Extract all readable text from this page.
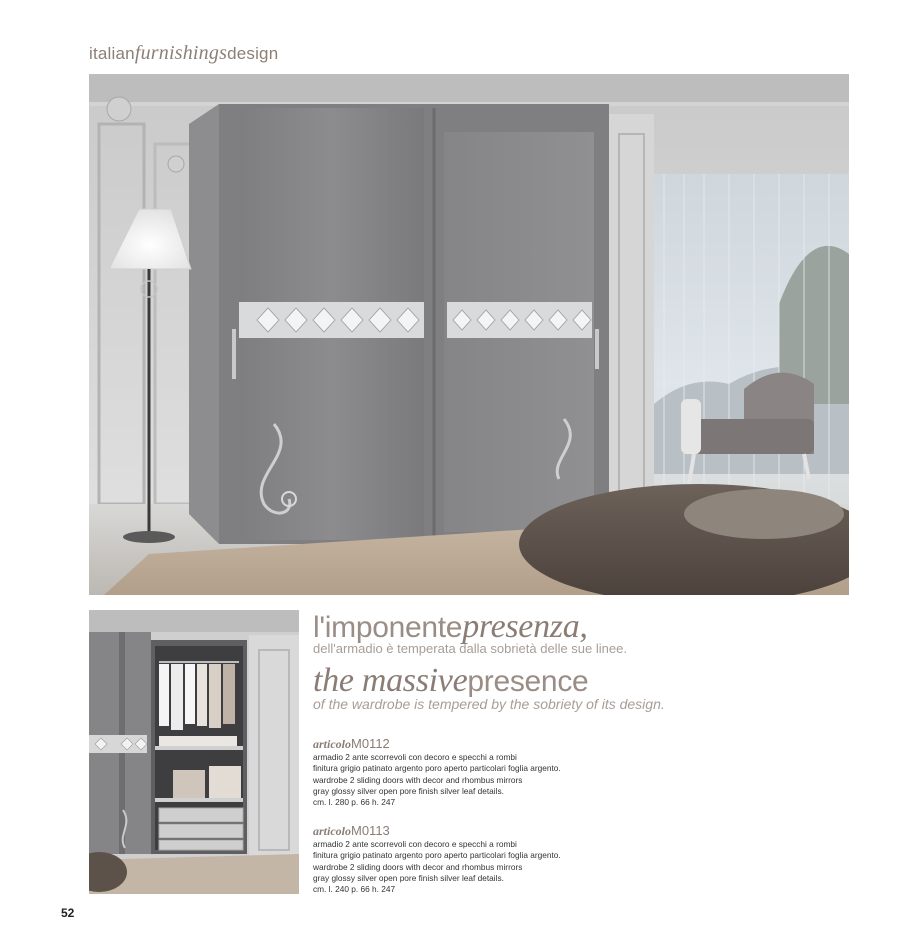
italianfurnishingsdesign
l'imponentepresenza,
dell'armadio è temperata dalla sobrietà delle sue linee.
the massivepresence
of the wardrobe is tempered by the sobriety of its design.
articoloM0112
armadio 2 ante scorrevoli con decoro e specchi a rombi
finitura grigio patinato argento poro aperto particolari foglia argento.
wardrobe 2 sliding doors with decor and rhombus mirrors
gray glossy silver open pore finish silver leaf details.
cm. l. 280 p. 66 h. 247
articoloM0113
armadio 2 ante scorrevoli con decoro e specchi a rombi
finitura grigio patinato argento poro aperto particolari foglia argento.
wardrobe 2 sliding doors with decor and rhombus mirrors
gray glossy silver open pore finish silver leaf details.
cm. l. 240 p. 66 h. 247
52
